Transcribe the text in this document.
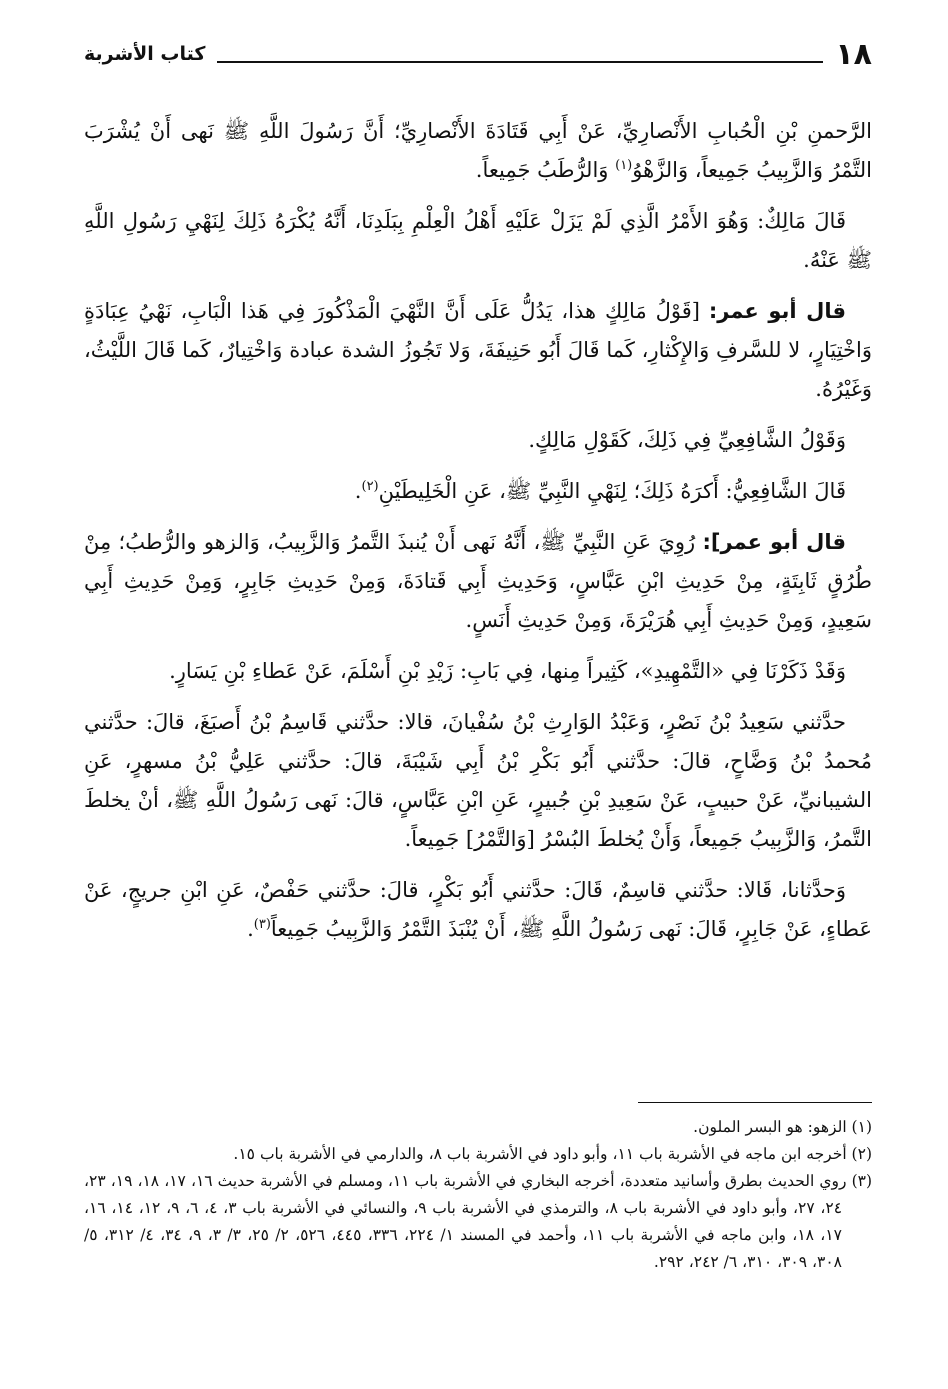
١٨
كتاب الأشربة

الرَّحمنِ بْنِ الْحُبابِ الأَنْصارِيِّ، عَنْ أَبِي قَتَادَةَ الأَنْصارِيِّ؛ أَنَّ رَسُولَ اللَّهِ ﷺ نَهى أَنْ يُشْرَبَ التَّمْرُ وَالزَّبِيبُ جَمِيعاً، وَالزَّهْوُ$^{(١)}$ وَالرُّطَبُ جَمِيعاً.

قَالَ مَالِكٌ: وَهُوَ الأَمْرُ الَّذِي لَمْ يَزَلْ عَلَيْهِ أَهْلُ الْعِلْمِ بِبَلَدِنَا، أَنَّهُ يُكْرَهُ ذَلِكَ لِنَهْيِ رَسُولِ اللَّهِ ﷺ عَنْهُ.

قال أبو عمر: [قَوْلُ مَالِكٍ هذا، يَدُلُّ عَلَى أَنَّ النَّهْيَ الْمَذْكُورَ فِي هَذا الْبَابِ، نَهْيُ عِبَادَةٍ وَاخْتِيَارٍ، لا للسَّرفِ وَالإِكْثارِ، كَما قَالَ أَبُو حَنِيفَةَ، وَلا تَجُوزُ الشدة عبادة وَاخْتِيارٌ، كَما قَالَ اللَّيْثُ، وَغَيْرُهُ.

وَقَوْلُ الشَّافِعِيِّ فِي ذَلِكَ، كَقَوْلِ مَالِكٍ.

قَالَ الشَّافِعِيُّ: أَكرَهُ ذَلِكَ؛ لِنَهْيِ النَّبِيِّ ﷺ، عَنِ الْخَلِيطَيْنِ$^{(٢)}$.

قال أبو عمر]: رُوِيَ عَنِ النَّبِيِّ ﷺ، أَنَّهُ نَهى أَنْ يُنبذَ التَّمرُ وَالزَّبِيبُ، وَالزهو والرُّطبُ؛ مِنْ طُرُقٍ ثَابِتَةٍ، مِنْ حَدِيثِ ابْنِ عَبَّاسٍ، وَحَدِيثِ أَبِي قَتادَةَ، وَمِنْ حَدِيثِ جَابِرٍ، وَمِنْ حَدِيثِ أَبِي سَعِيدٍ، وَمِنْ حَدِيثِ أَبِي هُرَيْرَةَ، وَمِنْ حَدِيثِ أَنَسٍ.

وَقَدْ ذَكَرْنَا فِي «التَّمْهِيدِ»، كَثِيراً مِنها، فِي بَابِ: زَيْدِ بْنِ أَسْلَمَ، عَنْ عَطاءِ بْنِ يَسَارٍ.

حدَّثني سَعِيدُ بْنُ نَصْرٍ، وَعَبْدُ الوَارِثِ بْنُ سُفْيانَ، قالا: حدَّثني قَاسِمُ بْنُ أَصبَغَ، قالَ: حدَّثني مُحمدُ بْنُ وَضَّاحٍ، قالَ: حدَّثني أَبُو بَكْرِ بْنُ أَبِي شَيْبَةَ، قالَ: حدَّثني عَلِيُّ بْنُ مسهرٍ، عَنِ الشيبانيِّ، عَنْ حبيبٍ، عَنْ سَعِيدِ بْنِ جُبيرٍ، عَنِ ابْنِ عَبَّاسٍ، قالَ: نَهى رَسُولُ اللَّهِ ﷺ، أنْ يخلطَ التَّمرُ، وَالزَّبِيبُ جَمِيعاً، وَأَنْ يُخلطَ البُسْرُ [وَالتَّمْرُ] جَمِيعاً.

وَحدَّثانا، قَالا: حدَّثني قاسِمٌ، قَالَ: حدَّثني أَبُو بَكْرٍ، قالَ: حدَّثني حَفْصٌ، عَنِ ابْنِ جريجٍ، عَنْ عَطاءٍ، عَنْ جَابِرٍ، قَالَ: نَهى رَسُولُ اللَّهِ ﷺ، أَنْ يُنْبَذَ التَّمْرُ وَالزَّبِيبُ جَمِيعاً$^{(٣)}$.

(١) الزهو: هو البسر الملون.

(٢) أخرجه ابن ماجه في الأشربة باب ١١، وأبو داود في الأشربة باب ٨، والدارمي في الأشربة باب ١٥.

(٣) روي الحديث بطرق وأسانيد متعددة، أخرجه البخاري في الأشربة باب ١١، ومسلم في الأشربة حديث ١٦، ١٧، ١٨، ١٩، ٢٣، ٢٤، ٢٧، وأبو داود في الأشربة باب ٨، والترمذي في الأشربة باب ٩، والنسائي في الأشربة باب ٣، ٤، ٦، ٩، ١٢، ١٤، ١٦، ١٧، ١٨، وابن ماجه في الأشربة باب ١١، وأحمد في المسند ١/ ٢٢٤، ٣٣٦، ٤٤٥، ٥٢٦، ٢/ ٢٥، ٣/ ٣، ٩، ٣٤، ٤/ ٣١٢، ٥/ ٣٠٨، ٣٠٩، ٣١٠، ٦/ ٢٤٢، ٢٩٢.
